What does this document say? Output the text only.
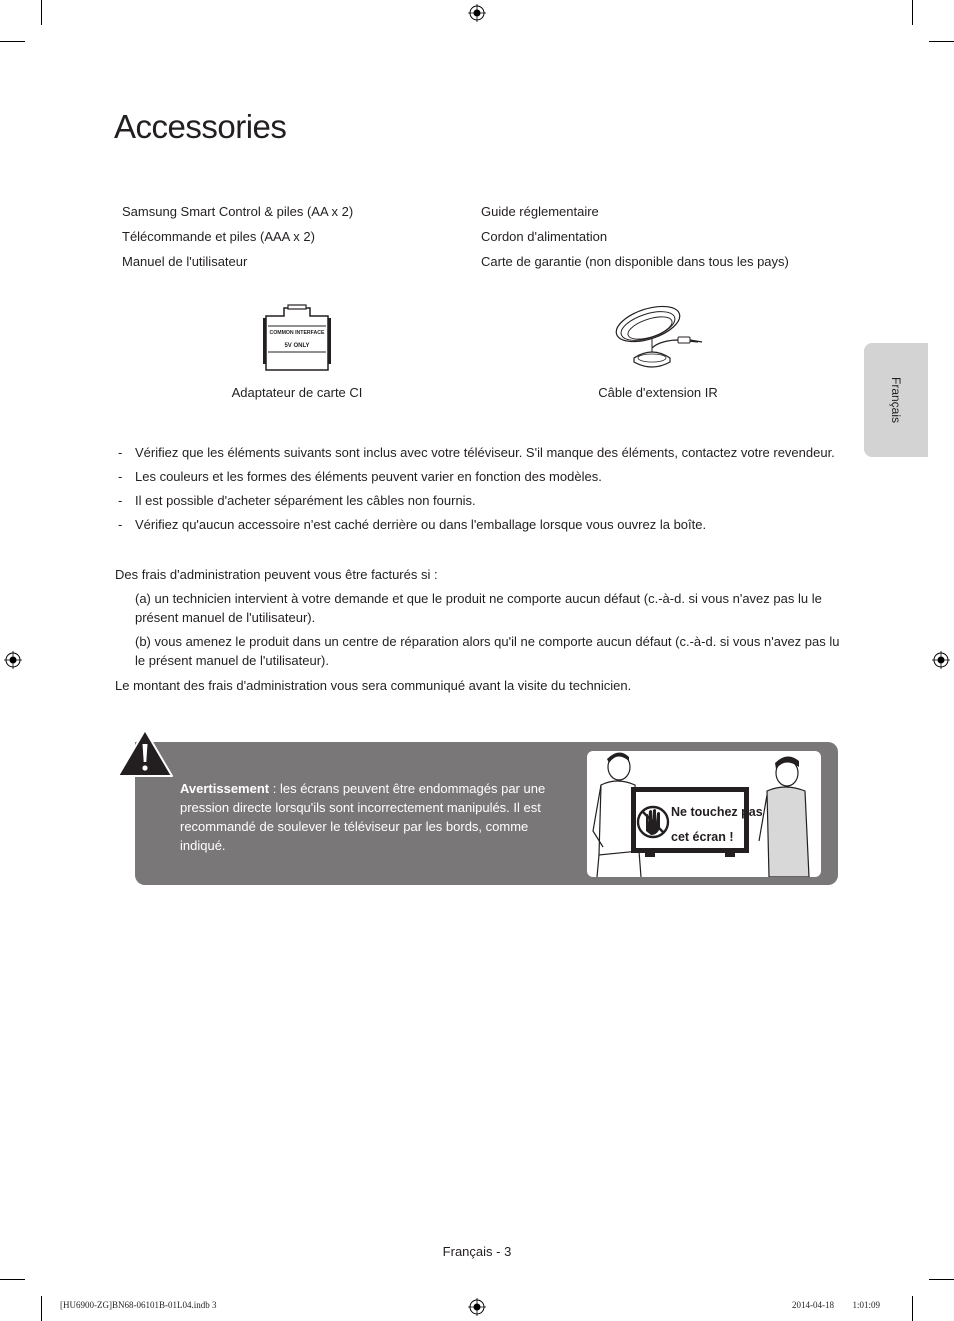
Accessories
Français
Samsung Smart Control & piles (AA x 2)
Télécommande et piles (AAA x 2)
Manuel de l'utilisateur
Guide réglementaire
Cordon d'alimentation
Carte de garantie (non disponible dans tous les pays)
COMMON INTERFACE
5V ONLY
Adaptateur de carte CI	Câble d'extension IR
- Vérifiez que les éléments suivants sont inclus avec votre téléviseur. S'il manque des éléments, contactez votre revendeur.
- Les couleurs et les formes des éléments peuvent varier en fonction des modèles.
- Il est possible d'acheter séparément les câbles non fournis.
- Vérifiez qu'aucun accessoire n'est caché derrière ou dans l'emballage lorsque vous ouvrez la boîte.
Des frais d'administration peuvent vous être facturés si :
(a) un technicien intervient à votre demande et que le produit ne comporte aucun défaut (c.-à-d. si vous n'avez pas lu le présent manuel de l'utilisateur).
(b) vous amenez le produit dans un centre de réparation alors qu'il ne comporte aucun défaut (c.-à-d. si vous n'avez pas lu le présent manuel de l'utilisateur).
Le montant des frais d'administration vous sera communiqué avant la visite du technicien.
Avertissement : les écrans peuvent être endommagés par une pression directe lorsqu'ils sont incorrectement manipulés. Il est recommandé de soulever le téléviseur par les bords, comme indiqué.
Ne touchez pas
cet écran !
Français - 3
[HU6900-ZG]BN68-06101B-01L04.indb 3	2014-04-18 ￿￿ 1:01:09
